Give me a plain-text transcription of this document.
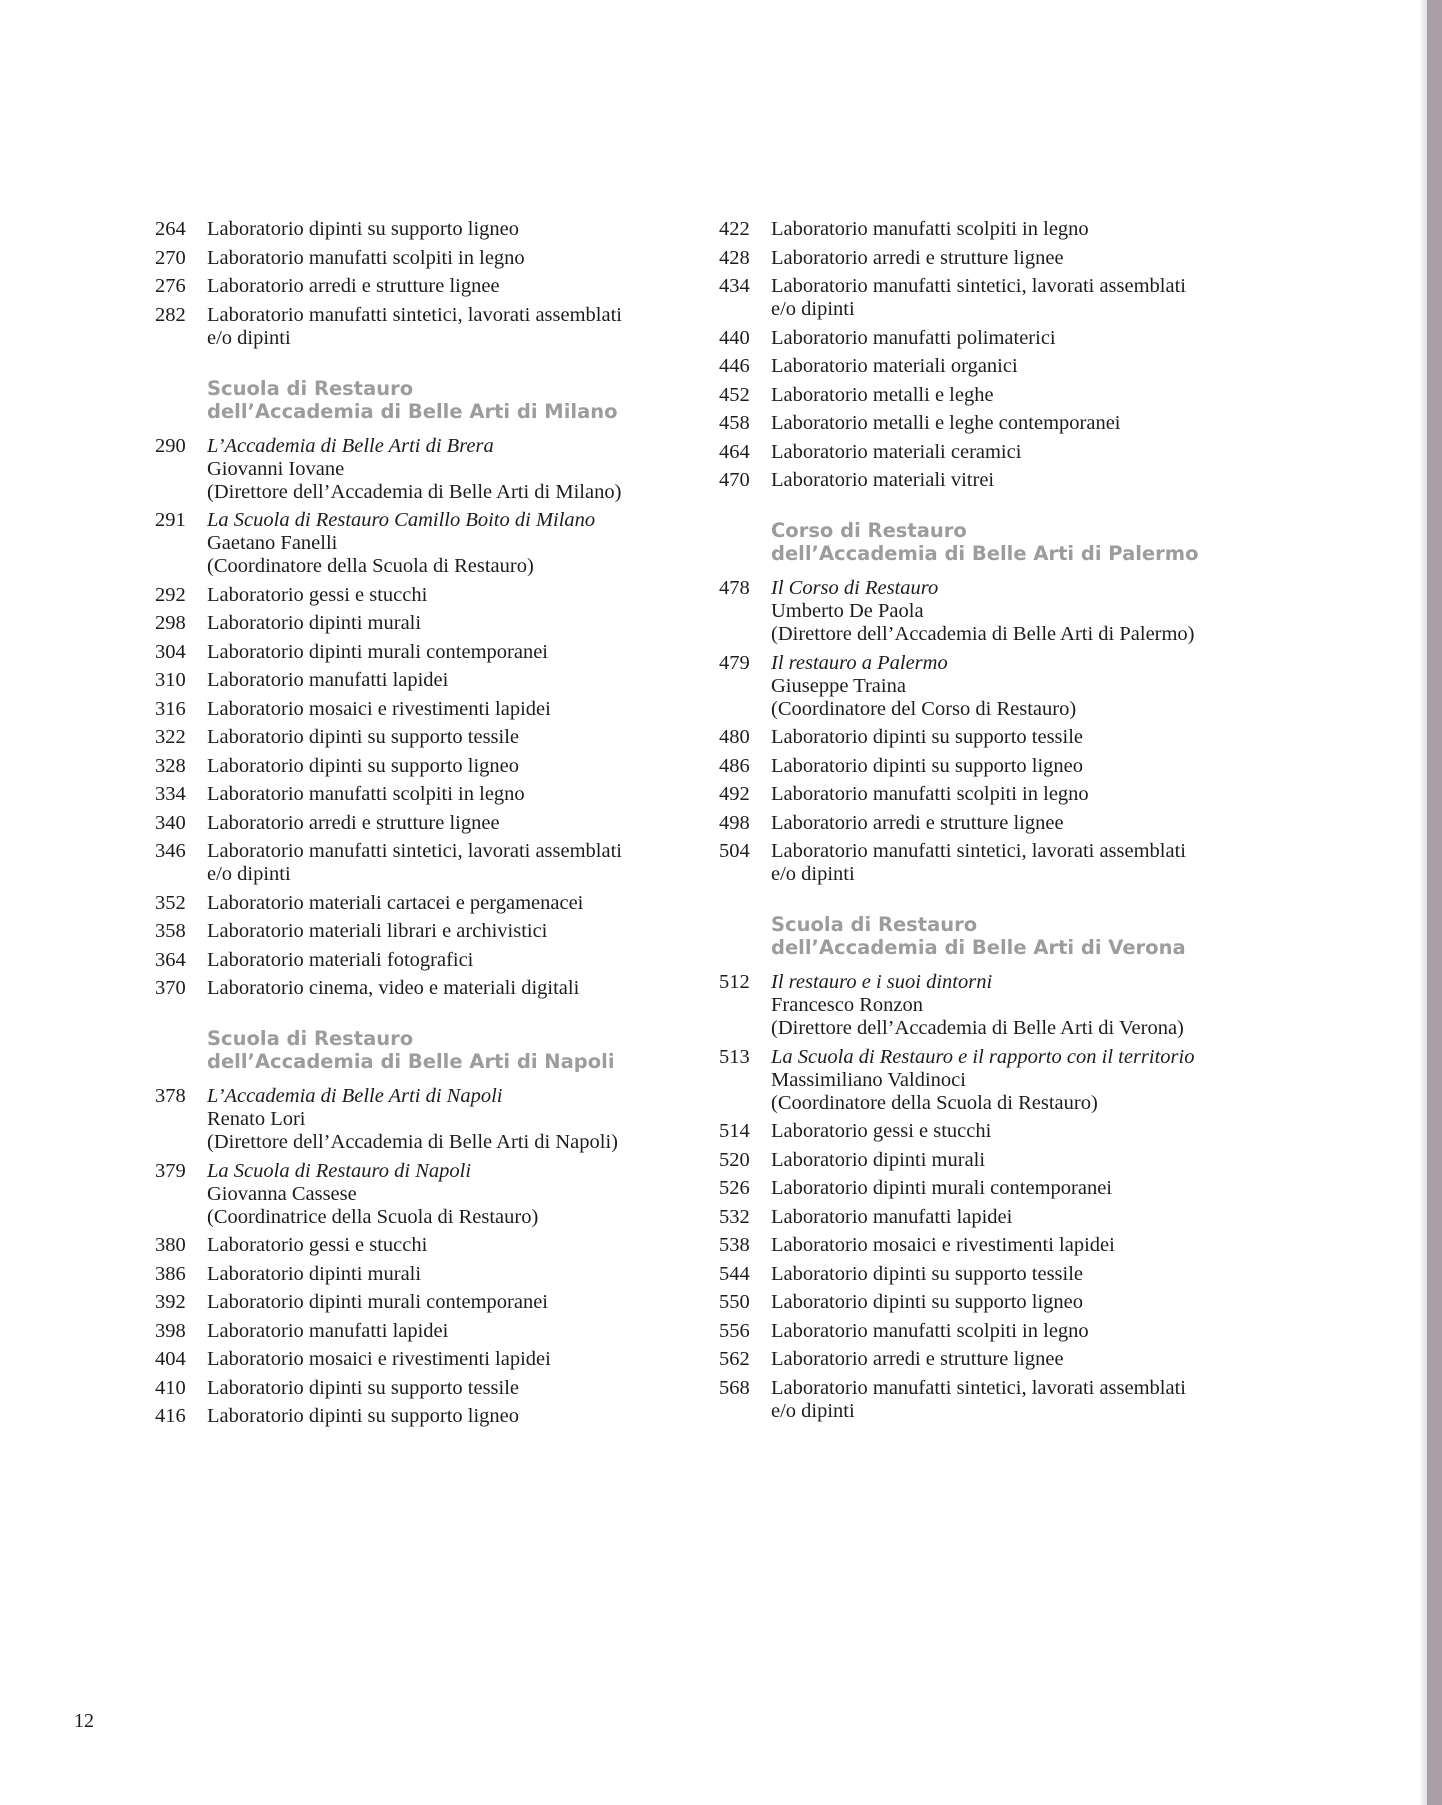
264	Laboratorio dipinti su supporto ligneo
270	Laboratorio manufatti scolpiti in legno
276	Laboratorio arredi e strutture lignee
282	Laboratorio manufatti sintetici, lavorati assemblati
e/o dipinti
Scuola di Restauro
dell’Accademia di Belle Arti di Milano
290	L’Accademia di Belle Arti di Brera
Giovanni Iovane
(Direttore dell’Accademia di Belle Arti di Milano)
291	La Scuola di Restauro Camillo Boito di Milano
Gaetano Fanelli
(Coordinatore della Scuola di Restauro)
292	Laboratorio gessi e stucchi
298	Laboratorio dipinti murali
304	Laboratorio dipinti murali contemporanei
310	Laboratorio manufatti lapidei
316	Laboratorio mosaici e rivestimenti lapidei
322	Laboratorio dipinti su supporto tessile
328	Laboratorio dipinti su supporto ligneo
334	Laboratorio manufatti scolpiti in legno
340	Laboratorio arredi e strutture lignee
346	Laboratorio manufatti sintetici, lavorati assemblati
e/o dipinti
352	Laboratorio materiali cartacei e pergamenacei
358	Laboratorio materiali librari e archivistici
364	Laboratorio materiali fotografici
370	Laboratorio cinema, video e materiali digitali
Scuola di Restauro
dell’Accademia di Belle Arti di Napoli
378	L’Accademia di Belle Arti di Napoli
Renato Lori
(Direttore dell’Accademia di Belle Arti di Napoli)
379	La Scuola di Restauro di Napoli
Giovanna Cassese
(Coordinatrice della Scuola di Restauro)
380	Laboratorio gessi e stucchi
386	Laboratorio dipinti murali
392	Laboratorio dipinti murali contemporanei
398	Laboratorio manufatti lapidei
404	Laboratorio mosaici e rivestimenti lapidei
410	Laboratorio dipinti su supporto tessile
416	Laboratorio dipinti su supporto ligneo
422	Laboratorio manufatti scolpiti in legno
428	Laboratorio arredi e strutture lignee
434	Laboratorio manufatti sintetici, lavorati assemblati
e/o dipinti
440	Laboratorio manufatti polimaterici
446	Laboratorio materiali organici
452	Laboratorio metalli e leghe
458	Laboratorio metalli e leghe contemporanei
464	Laboratorio materiali ceramici
470	Laboratorio materiali vitrei
Corso di Restauro
dell’Accademia di Belle Arti di Palermo
478	Il Corso di Restauro
Umberto De Paola
(Direttore dell’Accademia di Belle Arti di Palermo)
479	Il restauro a Palermo
Giuseppe Traina
(Coordinatore del Corso di Restauro)
480	Laboratorio dipinti su supporto tessile
486	Laboratorio dipinti su supporto ligneo
492	Laboratorio manufatti scolpiti in legno
498	Laboratorio arredi e strutture lignee
504	Laboratorio manufatti sintetici, lavorati assemblati
e/o dipinti
Scuola di Restauro
dell’Accademia di Belle Arti di Verona
512	Il restauro e i suoi dintorni
Francesco Ronzon
(Direttore dell’Accademia di Belle Arti di Verona)
513	La Scuola di Restauro e il rapporto con il territorio
Massimiliano Valdinoci
(Coordinatore della Scuola di Restauro)
514	Laboratorio gessi e stucchi
520	Laboratorio dipinti murali
526	Laboratorio dipinti murali contemporanei
532	Laboratorio manufatti lapidei
538	Laboratorio mosaici e rivestimenti lapidei
544	Laboratorio dipinti su supporto tessile
550	Laboratorio dipinti su supporto ligneo
556	Laboratorio manufatti scolpiti in legno
562	Laboratorio arredi e strutture lignee
568	Laboratorio manufatti sintetici, lavorati assemblati
e/o dipinti
12
